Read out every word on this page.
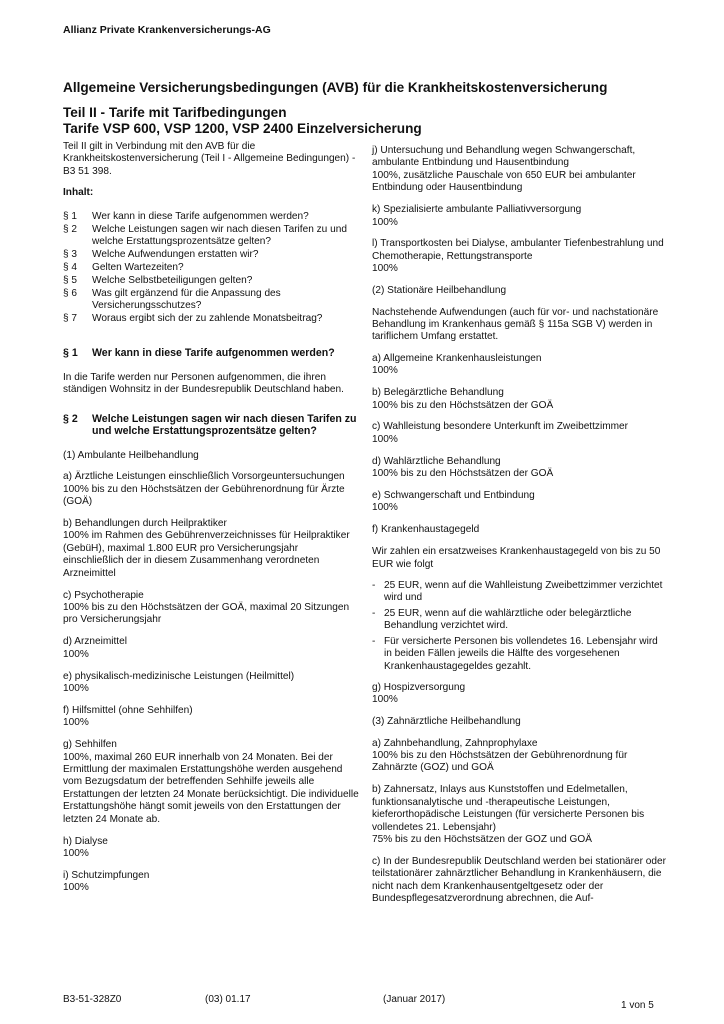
Allianz Private Krankenversicherungs-AG
Allgemeine Versicherungsbedingungen (AVB) für die Krankheitskostenversicherung
Teil II - Tarife mit Tarifbedingungen
Tarife VSP 600, VSP 1200, VSP 2400 Einzelversicherung

Teil II gilt in Verbindung mit den AVB für die Krankheitskostenversicherung (Teil I - Allgemeine Bedingungen) - B3 51 398.

Inhalt:
§ 1	Wer kann in diese Tarife aufgenommen werden?
§ 2	Welche Leistungen sagen wir nach diesen Tarifen zu und welche Erstattungsprozentsätze gelten?
§ 3	Welche Aufwendungen erstatten wir?
§ 4	Gelten Wartezeiten?
§ 5	Welche Selbstbeteiligungen gelten?
§ 6	Was gilt ergänzend für die Anpassung des Versicherungsschutzes?
§ 7	Woraus ergibt sich der zu zahlende Monatsbeitrag?
§ 1	Wer kann in diese Tarife aufgenommen werden?

In die Tarife werden nur Personen aufgenommen, die ihren ständigen Wohnsitz in der Bundesrepublik Deutschland haben.

§ 2	Welche Leistungen sagen wir nach diesen Tarifen zu und welche Erstattungsprozentsätze gelten?

(1) Ambulante Heilbehandlung

a) Ärztliche Leistungen einschließlich Vorsorgeuntersuchungen
100% bis zu den Höchstsätzen der Gebührenordnung für Ärzte (GOÄ)
b) Behandlungen durch Heilpraktiker
100% im Rahmen des Gebührenverzeichnisses für Heilpraktiker (GebüH), maximal 1.800 EUR pro Versicherungsjahr einschließlich der in diesem Zusammenhang verordneten Arzneimittel
c) Psychotherapie
100% bis zu den Höchstsätzen der GOÄ, maximal 20 Sitzungen pro Versicherungsjahr
d) Arzneimittel
100%
e) physikalisch-medizinische Leistungen (Heilmittel)
100%
f) Hilfsmittel (ohne Sehhilfen)
100%
g) Sehhilfen
100%, maximal 260 EUR innerhalb von 24 Monaten. Bei der Ermittlung der maximalen Erstattungshöhe werden ausgehend vom Bezugsdatum der betreffenden Sehhilfe jeweils alle Erstattungen der letzten 24 Monate berücksichtigt. Die individuelle Erstattungshöhe hängt somit jeweils von den Erstattungen der letzten 24 Monate ab.
h) Dialyse
100%
i) Schutzimpfungen
100%
j) Untersuchung und Behandlung wegen Schwangerschaft, ambulante Entbindung und Hausentbindung
100%, zusätzliche Pauschale von 650 EUR bei ambulanter Entbindung oder Hausentbindung
k) Spezialisierte ambulante Palliativversorgung
100%
l) Transportkosten bei Dialyse, ambulanter Tiefenbestrahlung und Chemotherapie, Rettungstransporte
100%

(2) Stationäre Heilbehandlung

Nachstehende Aufwendungen (auch für vor- und nachstationäre Behandlung im Krankenhaus gemäß § 115a SGB V) werden in tariflichem Umfang erstattet.

a) Allgemeine Krankenhausleistungen
100%
b) Belegärztliche Behandlung
100% bis zu den Höchstsätzen der GOÄ
c) Wahlleistung besondere Unterkunft im Zweibettzimmer
100%
d) Wahlärztliche Behandlung
100% bis zu den Höchstsätzen der GOÄ
e) Schwangerschaft und Entbindung
100%
f) Krankenhaustagegeld

Wir zahlen ein ersatzweises Krankenhaustagegeld von bis zu 50 EUR wie folgt

- 25 EUR, wenn auf die Wahlleistung Zweibettzimmer verzichtet wird und
- 25 EUR, wenn auf die wahlärztliche oder belegärztliche Behandlung verzichtet wird.
- Für versicherte Personen bis vollendetes 16. Lebensjahr wird in beiden Fällen jeweils die Hälfte des vorgesehenen Krankenhaustagegeldes gezahlt.
g) Hospizversorgung
100%

(3) Zahnärztliche Heilbehandlung

a) Zahnbehandlung, Zahnprophylaxe
100% bis zu den Höchstsätzen der Gebührenordnung für Zahnärzte (GOZ) und GOÄ
b) Zahnersatz, Inlays aus Kunststoffen und Edelmetallen, funktionsanalytische und -therapeutische Leistungen, kieferorthopädische Leistungen (für versicherte Personen bis vollendetes 21. Lebensjahr)
75% bis zu den Höchstsätzen der GOZ und GOÄ

c) In der Bundesrepublik Deutschland werden bei stationärer oder teilstationärer zahnärztlicher Behandlung in Krankenhäusern, die nicht nach dem Krankenhausentgeltgesetz oder der Bundespflegesatzverordnung abrechnen, die Auf-

B3-51-328Z0	(03) 01.17	(Januar 2017)
1 von 5
